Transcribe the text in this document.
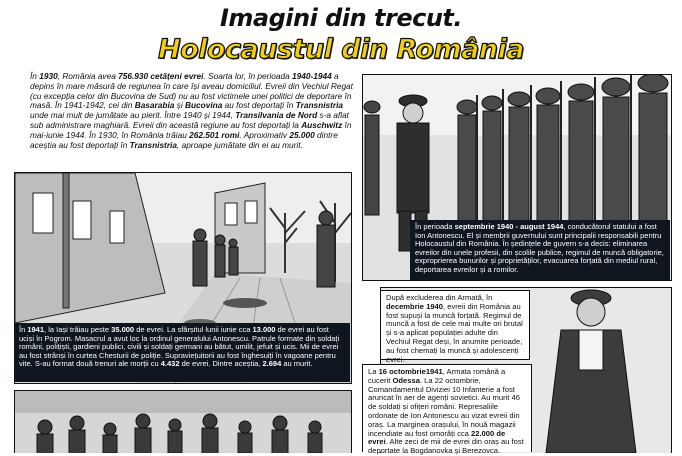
Imagini din trecut.
Holocaustul din România
În 1930, România avea 756.930 cetățeni evrei. Soarta lor, în perioada 1940-1944 a depins în mare măsură de regiunea în care își aveau domiciliul. Evreii din Vechiul Regat (cu excepția celor din Bucovina de Sud) nu au fost victimele unei politici de deportare în masă. În 1941-1942, cei din Basarabia și Bucovina au fost deportați în Transnistria unde mai mult de jumătate au pierit. Între 1940 și 1944, Transilvania de Nord s-a aflat sub administrare maghiară. Evreii din această regiune au fost deportați la Auschwitz în mai-iunie 1944. În 1930, în România trăiau 262.501 romi. Aproximativ 25.000 dintre aceștia au fost deportați în Transnistria, aproape jumătate din ei au murit.
În 1941, la Iași trăiau peste 35.000 de evrei. La sfârșitul lunii iunie cca 13.000 de evrei au fost uciși în Pogrom. Masacrul a avut loc la ordinul generalului Antonescu. Patrule formate din soldați români, polițiști, gardieni publici, civili și soldați germani au bătut, umilit, jefuit și ucis. Mii de evrei au fost strânși în curtea Chesturii de poliție. Supraviețuitorii au fost înghesuiți în vagoane pentru vite. S-au format două trenuri ale morții cu 4.432 de evrei. Dintre aceștia, 2.694 au murit.
În perioada septembrie 1940 - august 1944, conducătorul statului a fost Ion Antonescu. El și membrii guvernului sunt principalii responsabili pentru Holocaustul din România. În ședințele de guvern s-a decis: eliminarea evreilor din unele profesii, din școlile publice, regimul de muncă obligatorie, exproprierea bunurilor și proprietăților, evacuarea forțată din mediul rural, deportarea evreilor și a romilor.
După excluderea din Armată, în decembrie 1940, evreii din România au fost supuși la muncă forțată. Regimul de muncă a fost de cele mai multe ori brutal și s-a aplicat populației adulte din Vechiul Regat deși, în anumite perioade, au fost chemați la muncă și adolescenți evrei.
La 16 octombrie1941, Armata română a cucerit Odessa. La 22 octombrie, Comandamentul Diviziei 10 Infanterie a fost aruncat în aer de agenți sovietici. Au murit 46 de soldați și ofițeri români. Represaliile ordonate de Ion Antonescu au vizat evreii din oraș. La marginea orașului, în nouă magazii incendiate au fost omorâți cca 22.000 de evrei. Alte zeci de mii de evrei din oraș au fost deportate la Bogdanovka și Berezovca.
